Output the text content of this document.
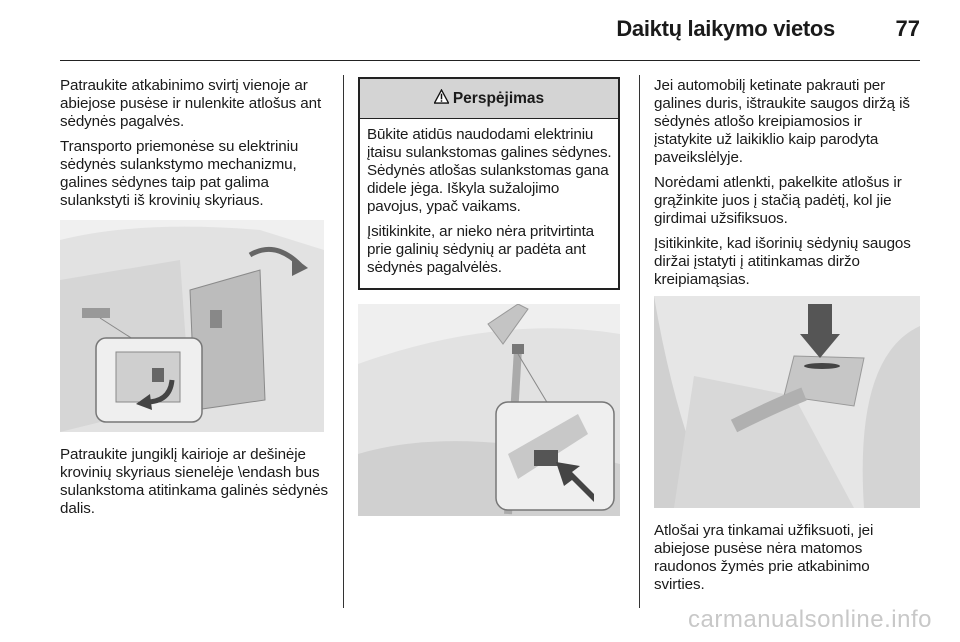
Daiktų laikymo vietos	77

Patraukite atkabinimo svirtį vienoje ar abiejose pusėse ir nulenkite atlošus ant sėdynės pagalvės.

Transporto priemonėse su elektriniu sėdynės sulankstymo mechanizmu, galines sėdynes taip pat galima sulankstyti iš krovinių skyriaus.

Patraukite jungiklį kairioje ar dešinėje krovinių skyriaus sienelėje \endash bus sulankstoma atitinkama galinės sėdynės dalis.

Perspėjimas

Būkite atidūs naudodami elektriniu įtaisu sulankstomas galines sėdynes. Sėdynės atlošas sulankstomas gana didele jėga. Iškyla sužalojimo pavojus, ypač vaikams.

Įsitikinkite, ar nieko nėra pritvirtinta prie galinių sėdynių ar padėta ant sėdynės pagalvėlės.

Jei automobilį ketinate pakrauti per galines duris, ištraukite saugos diržą iš sėdynės atlošo kreipiamosios ir įstatykite už laikiklio kaip parodyta paveikslėlyje.

Norėdami atlenkti, pakelkite atlošus ir grąžinkite juos į stačią padėtį, kol jie girdimai užsifiksuos.

Įsitikinkite, kad išorinių sėdynių saugos diržai įstatyti į atitinkamas diržo kreipiamąsias.

Atlošai yra tinkamai užfiksuoti, jei abiejose pusėse nėra matomos raudonos žymės prie atkabinimo svirties.

carmanualsonline.info
